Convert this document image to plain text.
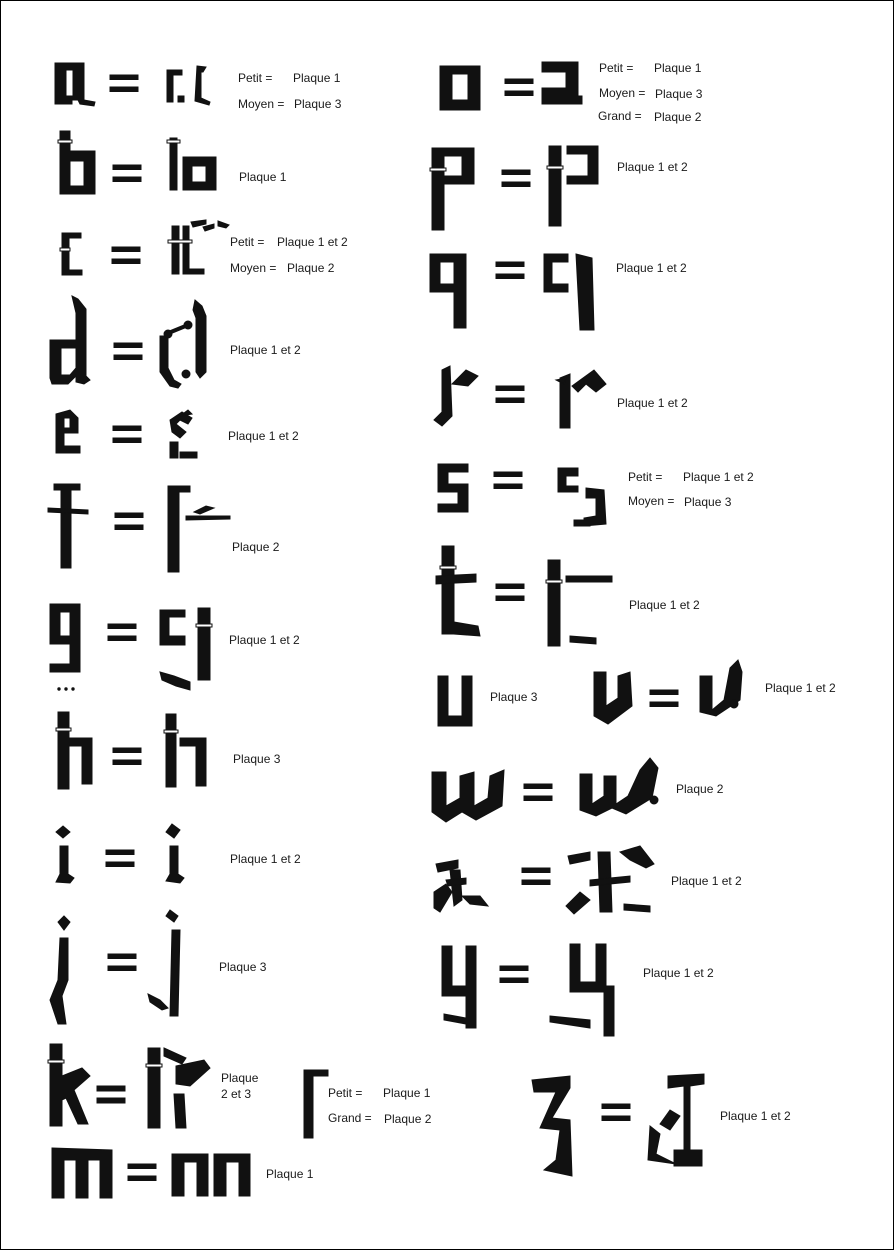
Petit = Plaque 1
Moyen = Plaque 3
Plaque 1
Petit = Plaque 1 et 2
Moyen = Plaque 2
Plaque 1 et 2
Plaque 1 et 2
Plaque 2
Plaque 1 et 2
Plaque 3
Plaque 1 et 2
Plaque 3
Plaque
2 et 3	Petit = Plaque 1
Grand = Plaque 2
Plaque 1
Petit = Plaque 1
Moyen = Plaque 3
Grand = Plaque 2
Plaque 1 et 2
Plaque 1 et 2
Plaque 1 et 2
Petit = Plaque 1 et 2
Moyen = Plaque 3
Plaque 1 et 2
Plaque 3
Plaque 1 et 2
Plaque 2
Plaque 1 et 2
Plaque 1 et 2
Plaque 1 et 2
